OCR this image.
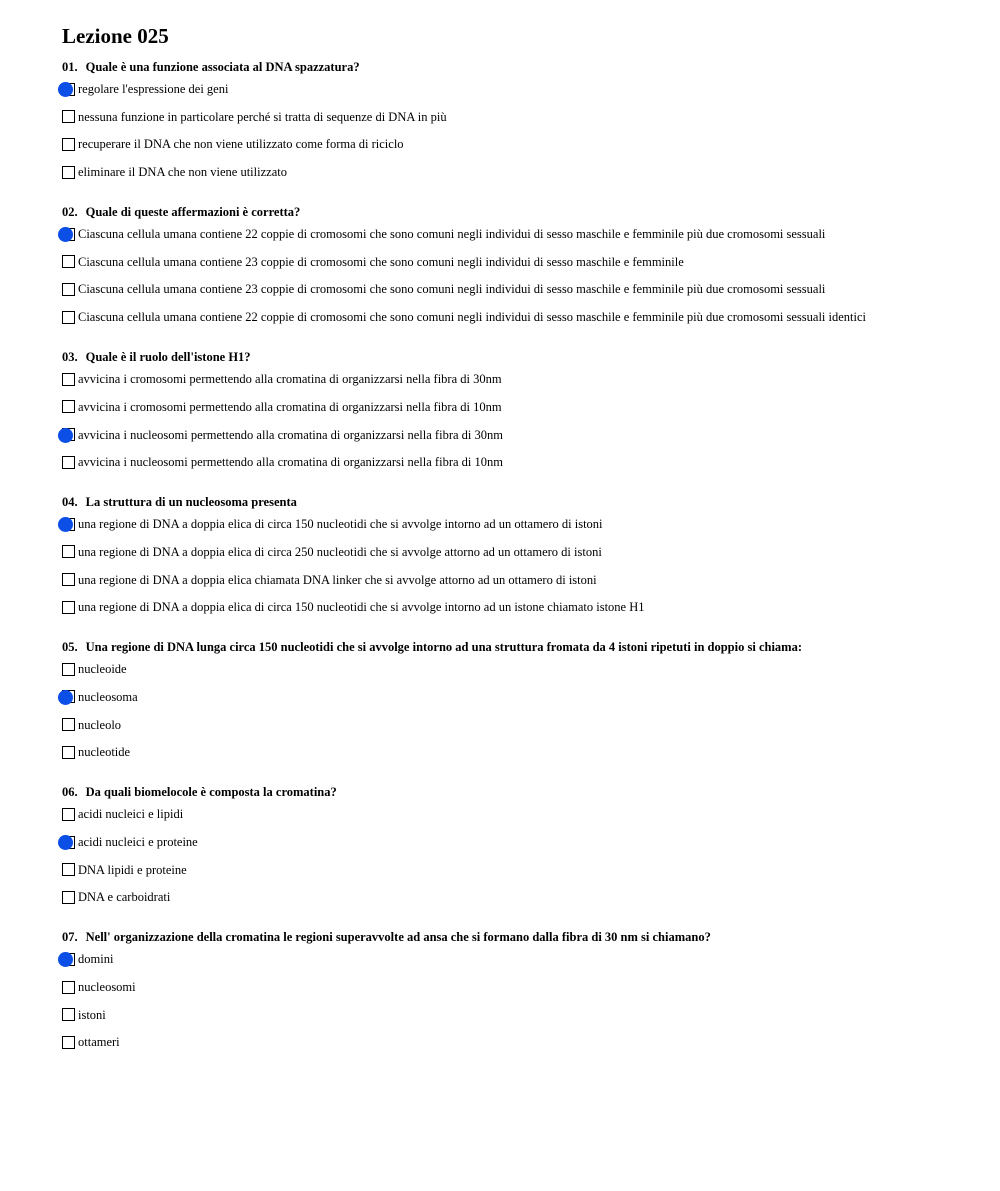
Lezione 025
01. Quale è una funzione associata al DNA spazzatura?
regolare l'espressione dei geni
nessuna funzione in particolare perché si tratta di sequenze di DNA in più
recuperare il DNA che non viene utilizzato come forma di riciclo
eliminare il DNA che non viene utilizzato
02. Quale di queste affermazioni è corretta?
Ciascuna cellula umana contiene 22 coppie di cromosomi che sono comuni negli individui di sesso maschile e femminile più due cromosomi sessuali
Ciascuna cellula umana contiene 23 coppie di cromosomi che sono comuni negli individui di sesso maschile e femminile
Ciascuna cellula umana contiene 23 coppie di cromosomi che sono comuni negli individui di sesso maschile e femminile più due cromosomi sessuali
Ciascuna cellula umana contiene 22 coppie di cromosomi che sono comuni negli individui di sesso maschile e femminile più due cromosomi sessuali identici
03. Quale è il ruolo dell'istone H1?
avvicina i cromosomi permettendo alla cromatina di organizzarsi nella fibra di 30nm
avvicina i cromosomi permettendo alla cromatina di organizzarsi nella fibra di 10nm
avvicina i nucleosomi permettendo alla cromatina di organizzarsi nella fibra di 30nm
avvicina i nucleosomi permettendo alla cromatina di organizzarsi nella fibra di 10nm
04. La struttura di un nucleosoma presenta
una regione di DNA a doppia elica di circa 150 nucleotidi che si avvolge intorno ad un ottamero di istoni
una regione di DNA a doppia elica di circa 250 nucleotidi che si avvolge attorno ad un ottamero di istoni
una regione di DNA a doppia elica chiamata DNA linker che si avvolge attorno ad un ottamero di istoni
una regione di DNA a doppia elica di circa 150 nucleotidi che si avvolge intorno ad un istone chiamato istone H1
05. Una regione di DNA lunga circa 150 nucleotidi che si avvolge intorno ad una struttura fromata da 4 istoni ripetuti in doppio si chiama:
nucleoide
nucleosoma
nucleolo
nucleotide
06. Da quali biomelocole è composta la cromatina?
acidi nucleici e lipidi
acidi nucleici e proteine
DNA lipidi e proteine
DNA e carboidrati
07. Nell' organizzazione della cromatina le regioni superavvolte ad ansa che si formano dalla fibra di 30 nm si chiamano?
domini
nucleosomi
istoni
ottameri
